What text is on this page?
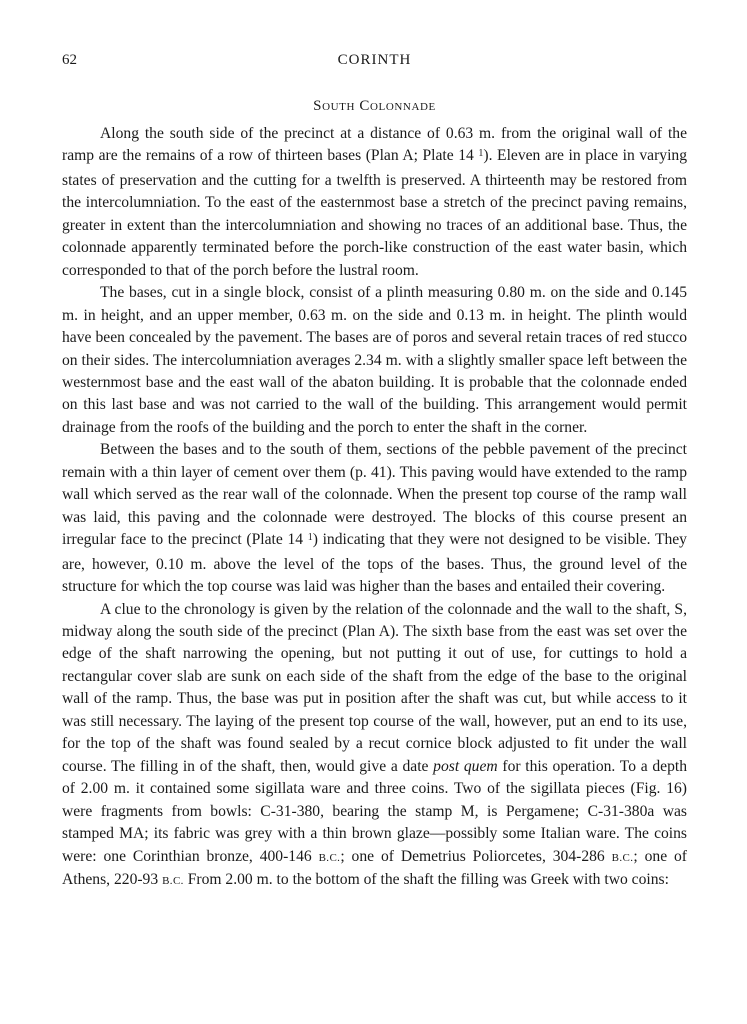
62	CORINTH
South Colonnade

Along the south side of the precinct at a distance of 0.63 m. from the original wall of the ramp are the remains of a row of thirteen bases (Plan A; Plate 14 $^1$). Eleven are in place in varying states of preservation and the cutting for a twelfth is preserved. A thirteenth may be restored from the intercolumniation. To the east of the easternmost base a stretch of the precinct paving remains, greater in extent than the intercolumniation and showing no traces of an additional base. Thus, the colonnade apparently terminated before the porch-like construction of the east water basin, which corresponded to that of the porch before the lustral room.

The bases, cut in a single block, consist of a plinth measuring 0.80 m. on the side and 0.145 m. in height, and an upper member, 0.63 m. on the side and 0.13 m. in height. The plinth would have been concealed by the pavement. The bases are of poros and several retain traces of red stucco on their sides. The intercolumniation averages 2.34 m. with a slightly smaller space left between the westernmost base and the east wall of the abaton building. It is probable that the colonnade ended on this last base and was not carried to the wall of the building. This arrangement would permit drainage from the roofs of the building and the porch to enter the shaft in the corner.

Between the bases and to the south of them, sections of the pebble pavement of the precinct remain with a thin layer of cement over them (p. 41). This paving would have extended to the ramp wall which served as the rear wall of the colonnade. When the present top course of the ramp wall was laid, this paving and the colonnade were destroyed. The blocks of this course present an irregular face to the precinct (Plate 14 $^1$) indicating that they were not designed to be visible. They are, however, 0.10 m. above the level of the tops of the bases. Thus, the ground level of the structure for which the top course was laid was higher than the bases and entailed their covering.

A clue to the chronology is given by the relation of the colonnade and the wall to the shaft, S, midway along the south side of the precinct (Plan A). The sixth base from the east was set over the edge of the shaft narrowing the opening, but not putting it out of use, for cuttings to hold a rectangular cover slab are sunk on each side of the shaft from the edge of the base to the original wall of the ramp. Thus, the base was put in position after the shaft was cut, but while access to it was still necessary. The laying of the present top course of the wall, however, put an end to its use, for the top of the shaft was found sealed by a recut cornice block adjusted to fit under the wall course. The filling in of the shaft, then, would give a date post quem for this operation. To a depth of 2.00 m. it contained some sigillata ware and three coins. Two of the sigillata pieces (Fig. 16) were fragments from bowls: C-31-380, bearing the stamp M, is Pergamene; C-31-380a was stamped MA; its fabric was grey with a thin brown glaze—possibly some Italian ware. The coins were: one Corinthian bronze, 400-146 B.C.; one of Demetrius Poliorcetes, 304-286 B.C.; one of Athens, 220-93 B.C. From 2.00 m. to the bottom of the shaft the filling was Greek with two coins:
